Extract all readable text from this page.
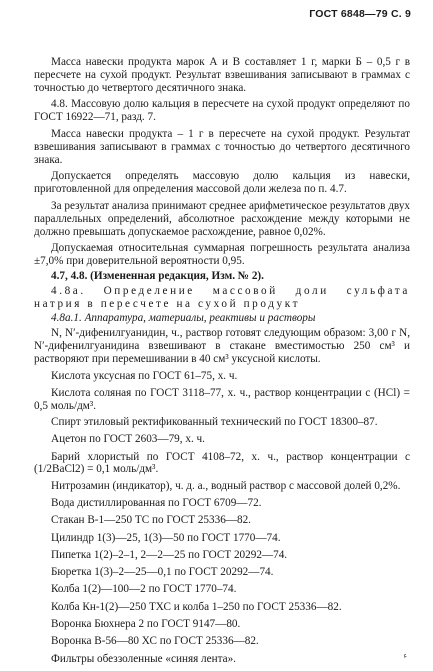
ГОСТ 6848—79 С. 9

Масса навески продукта марок А и В составляет 1 г, марки Б – 0,5 г в пересчете на сухой продукт. Результат взвешивания записывают в граммах с точностью до четвертого десятичного знака.

4.8. Массовую долю кальция в пересчете на сухой продукт определяют по ГОСТ 16922—71, разд. 7.

Масса навески продукта – 1 г в пересчете на сухой продукт. Результат взвешивания записывают в граммах с точностью до четвертого десятичного знака.

Допускается определять массовую долю кальция из навески, приготовленной для определения массовой доли железа по п. 4.7.

За результат анализа принимают среднее арифметическое результатов двух параллельных определений, абсолютное расхождение между которыми не должно превышать допускаемое расхождение, равное 0,02%.

Допускаемая относительная суммарная погрешность результата анализа ±7,0% при доверительной вероятности 0,95.

4.7, 4.8. (Измененная редакция, Изм. № 2).

4.8а. Определение массовой доли сульфата натрия в пересчете на сухой продукт

4.8а.1. Аппаратура, материалы, реактивы и растворы

N, N′-дифенилгуанидин, ч., раствор готовят следующим образом: 3,00 г N, N′-дифенилгуанидина взвешивают в стакане вместимостью 250 см³ и растворяют при перемешивании в 40 см³ уксусной кислоты.

Кислота уксусная по ГОСТ 61–75, х. ч.

Кислота соляная по ГОСТ 3118–77, х. ч., раствор концентрации с (HCl) = 0,5 моль/дм³.

Спирт этиловый ректификованный технический по ГОСТ 18300–87.

Ацетон по ГОСТ 2603—79, х. ч.

Барий хлористый по ГОСТ 4108–72, х. ч., раствор концентрации с (1/2BaCl2) = 0,1 моль/дм³.

Нитрозамин (индикатор), ч. д. а., водный раствор с массовой долей 0,2%.

Вода дистиллированная по ГОСТ 6709—72.

Стакан В-1—250 ТС по ГОСТ 25336—82.

Цилиндр 1(3)—25, 1(3)—50 по ГОСТ 1770—74.

Пипетка 1(2)–2–1, 2—2—25 по ГОСТ 20292—74.

Бюретка 1(3)–2—25—0,1 по ГОСТ 20292—74.

Колба 1(2)—100—2 по ГОСТ 1770–74.

Колба Кн-1(2)—250 ТХС и колба 1–250 по ГОСТ 25336—82.

Воронка Бюхнера 2 по ГОСТ 9147—80.

Воронка В-56—80 ХС по ГОСТ 25336—82.

Фильтры обеззоленные «синяя лента».	ء
